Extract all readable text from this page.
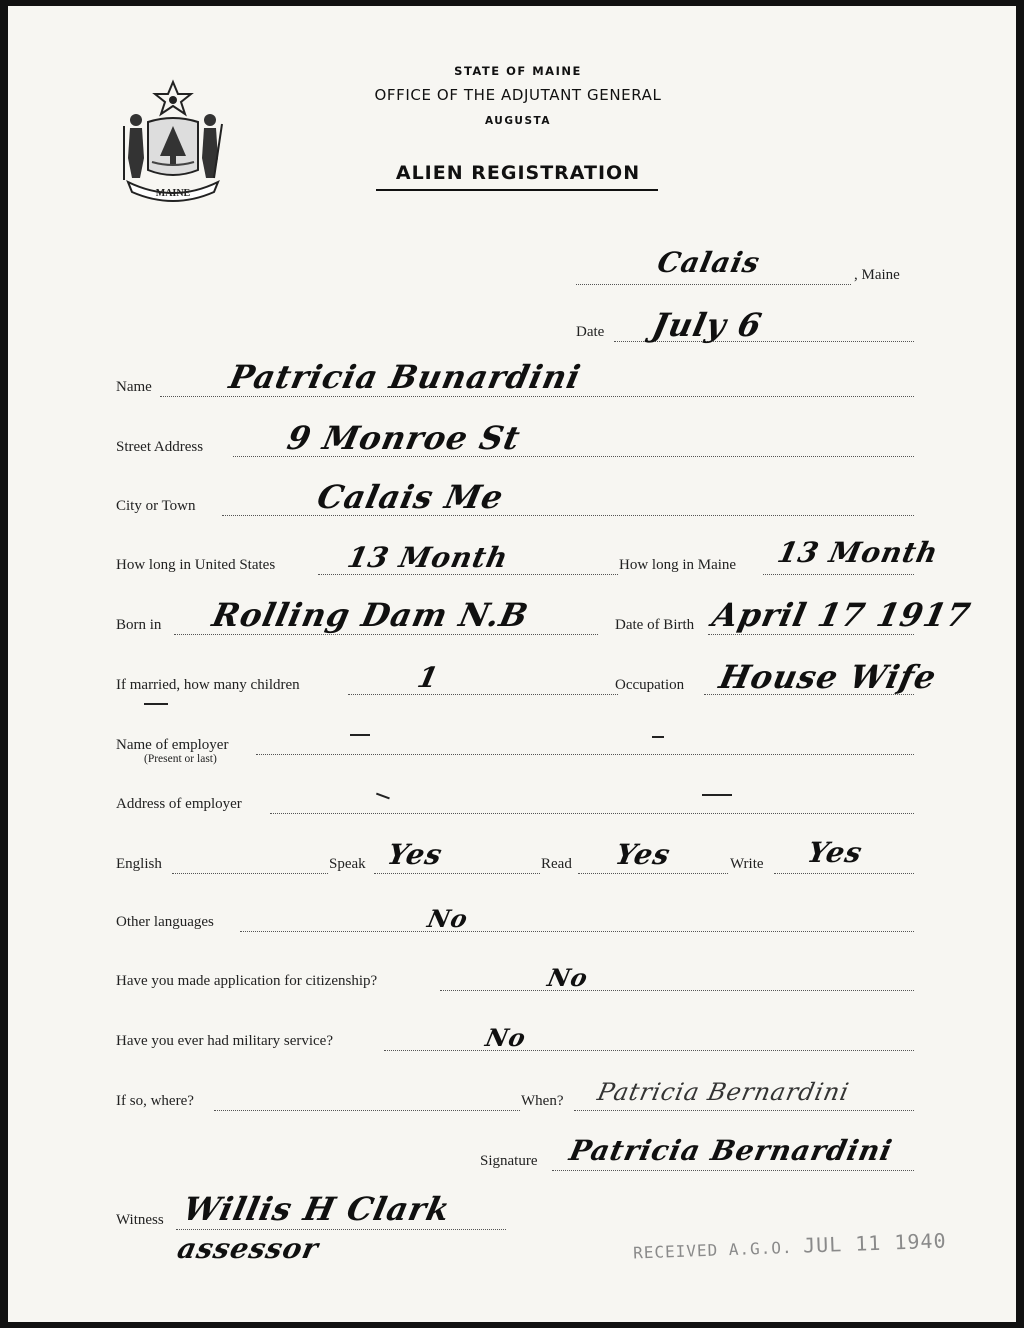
MAINE
STATE OF MAINE
OFFICE OF THE ADJUTANT GENERAL
AUGUSTA
ALIEN REGISTRATION
, Maine
Calais
Date July 6
Name Patricia Bunardini
Street Address	9 Monroe St
City or Town	Calais Me
How long in United States 13 Month	How long in Maine 13 Month
Born in Rolling Dam N.B	Date of Birth April 17 1917
If married, how many children	1	Occupation House Wife
Name of employer
(Present or last)
Address of employer
English	Speak Yes	Read Yes	Write Yes
Other languages	No
Have you made application for citizenship?	No
Have you ever had military service?	No
If so, where?	When? Patricia Bernardini
Signature Patricia Bernardini
Witness Willis H Clark
assessor	RECEIVED A.G.O. JUL 11 1940
